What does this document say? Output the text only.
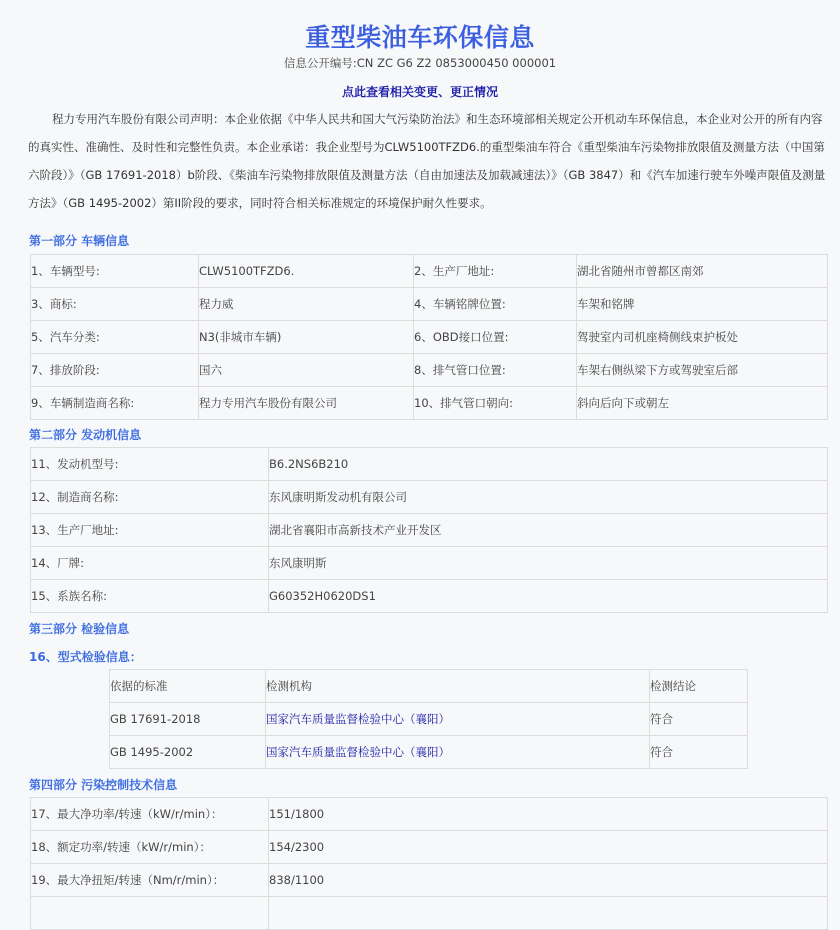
重型柴油车环保信息
信息公开编号:CN ZC G6 Z2 0853000450 000001
点此查看相关变更、更正情况

程力专用汽车股份有限公司声明：本企业依据《中华人民共和国大气污染防治法》和生态环境部相关规定公开机动车环保信息，本企业对公开的所有内容的真实性、准确性、及时性和完整性负责。本企业承诺：我企业型号为CLW5100TFZD6.的重型柴油车符合《重型柴油车污染物排放限值及测量方法（中国第六阶段）》（GB 17691-2018）b阶段、《柴油车污染物排放限值及测量方法（自由加速法及加载减速法）》（GB 3847）和《汽车加速行驶车外噪声限值及测量方法》（GB 1495-2002）第II阶段的要求，同时符合相关标准规定的环境保护耐久性要求。

第一部分 车辆信息
1、车辆型号:	CLW5100TFZD6.	2、生产厂地址:	湖北省随州市曾都区南郊
3、商标:	程力威	4、车辆铭牌位置:	车架和铭牌
5、汽车分类:	N3(非城市车辆)	6、OBD接口位置:	驾驶室内司机座椅侧线束护板处
7、排放阶段:	国六	8、排气管口位置:	车架右侧纵梁下方或驾驶室后部
9、车辆制造商名称:	程力专用汽车股份有限公司	10、排气管口朝向:	斜向后向下或朝左
第二部分 发动机信息
11、发动机型号:	B6.2NS6B210
12、制造商名称:	东风康明斯发动机有限公司
13、生产厂地址:	湖北省襄阳市高新技术产业开发区
14、厂牌:	东风康明斯
15、系族名称:	G60352H0620DS1
第三部分 检验信息
16、型式检验信息：
依据的标准	检测机构	检测结论
GB 17691-2018	国家汽车质量监督检验中心（襄阳）	符合
GB 1495-2002	国家汽车质量监督检验中心（襄阳）	符合
第四部分 污染控制技术信息
17、最大净功率/转速（kW/r/min）：	151/1800
18、额定功率/转速（kW/r/min）：	154/2300
19、最大净扭矩/转速（Nm/r/min）：	838/1100
